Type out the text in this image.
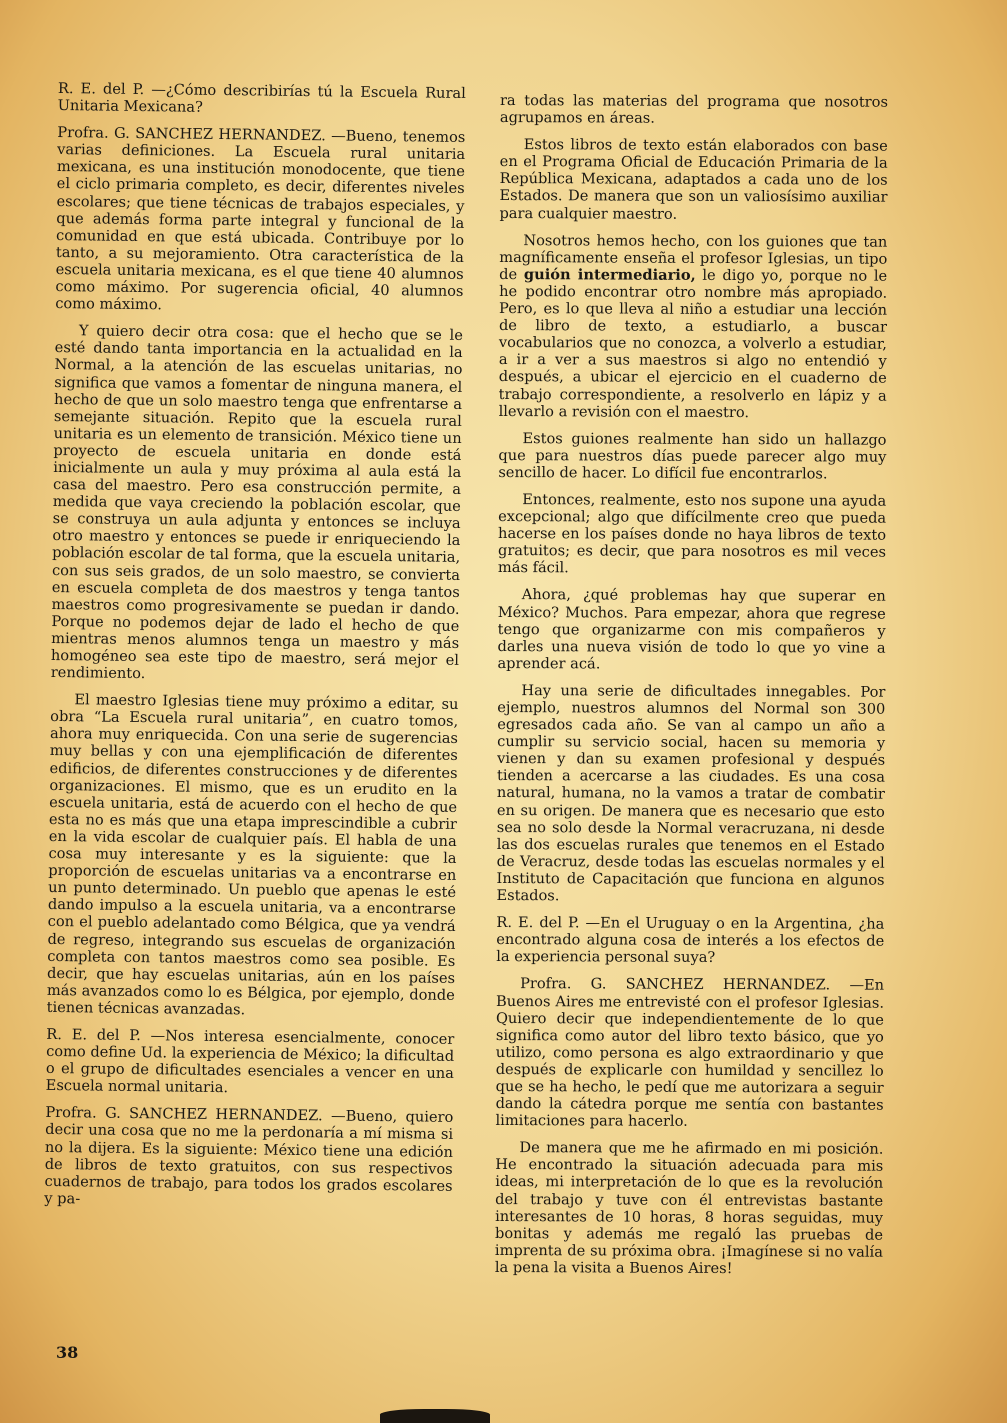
R. E. del P. —¿Cómo describirías tú la Escuela Rural Unitaria Mexicana?

Profra. G. SANCHEZ HERNANDEZ. —Bueno, tenemos varias definiciones. La Escuela rural unitaria mexicana, es una institución monodocente, que tiene el ciclo primaria completo, es decir, diferentes niveles escolares; que tiene técnicas de trabajos especiales, y que además forma parte integral y funcional de la comunidad en que está ubicada. Contribuye por lo tanto, a su mejoramiento. Otra característica de la escuela unitaria mexicana, es el que tiene 40 alumnos como máximo. Por sugerencia oficial, 40 alumnos como máximo.

Y quiero decir otra cosa: que el hecho que se le esté dando tanta importancia en la actualidad en la Normal, a la atención de las escuelas unitarias, no significa que vamos a fomentar de ninguna manera, el hecho de que un solo maestro tenga que enfrentarse a semejante situación. Repito que la escuela rural unitaria es un elemento de transición. México tiene un proyecto de escuela unitaria en donde está inicialmente un aula y muy próxima al aula está la casa del maestro. Pero esa construcción permite, a medida que vaya creciendo la población escolar, que se construya un aula adjunta y entonces se incluya otro maestro y entonces se puede ir enriqueciendo la población escolar de tal forma, que la escuela unitaria, con sus seis grados, de un solo maestro, se convierta en escuela completa de dos maestros y tenga tantos maestros como progresivamente se puedan ir dando. Porque no podemos dejar de lado el hecho de que mientras menos alumnos tenga un maestro y más homogéneo sea este tipo de maestro, será mejor el rendimiento.

El maestro Iglesias tiene muy próximo a editar, su obra “La Escuela rural unitaria”, en cuatro tomos, ahora muy enriquecida. Con una serie de sugerencias muy bellas y con una ejemplificación de diferentes edificios, de diferentes construcciones y de diferentes organizaciones. El mismo, que es un erudito en la escuela unitaria, está de acuerdo con el hecho de que esta no es más que una etapa imprescindible a cubrir en la vida escolar de cualquier país. El habla de una cosa muy interesante y es la siguiente: que la proporción de escuelas unitarias va a encontrarse en un punto determinado. Un pueblo que apenas le esté dando impulso a la escuela unitaria, va a encontrarse con el pueblo adelantado como Bélgica, que ya vendrá de regreso, integrando sus escuelas de organización completa con tantos maestros como sea posible. Es decir, que hay escuelas unitarias, aún en los países más avanzados como lo es Bélgica, por ejemplo, donde tienen técnicas avanzadas.

R. E. del P. —Nos interesa esencialmente, conocer como define Ud. la experiencia de México; la dificultad o el grupo de dificultades esenciales a vencer en una Escuela normal unitaria.

Profra. G. SANCHEZ HERNANDEZ. —Bueno, quiero decir una cosa que no me la perdonaría a mí misma si no la dijera. Es la siguiente: México tiene una edición de libros de texto gratuitos, con sus respectivos cuadernos de trabajo, para todos los grados escolares y pa-

ra todas las materias del programa que nosotros agrupamos en áreas.

Estos libros de texto están elaborados con base en el Programa Oficial de Educación Primaria de la República Mexicana, adaptados a cada uno de los Estados. De manera que son un valiosísimo auxiliar para cualquier maestro.

Nosotros hemos hecho, con los guiones que tan magníficamente enseña el profesor Iglesias, un tipo de guión intermediario, le digo yo, porque no le he podido encontrar otro nombre más apropiado. Pero, es lo que lleva al niño a estudiar una lección de libro de texto, a estudiarlo, a buscar vocabularios que no conozca, a volverlo a estudiar, a ir a ver a sus maestros si algo no entendió y después, a ubicar el ejercicio en el cuaderno de trabajo correspondiente, a resolverlo en lápiz y a llevarlo a revisión con el maestro.

Estos guiones realmente han sido un hallazgo que para nuestros días puede parecer algo muy sencillo de hacer. Lo difícil fue encontrarlos.

Entonces, realmente, esto nos supone una ayuda excepcional; algo que difícilmente creo que pueda hacerse en los países donde no haya libros de texto gratuitos; es decir, que para nosotros es mil veces más fácil.

Ahora, ¿qué problemas hay que superar en México? Muchos. Para empezar, ahora que regrese tengo que organizarme con mis compañeros y darles una nueva visión de todo lo que yo vine a aprender acá.

Hay una serie de dificultades innegables. Por ejemplo, nuestros alumnos del Normal son 300 egresados cada año. Se van al campo un año a cumplir su servicio social, hacen su memoria y vienen y dan su examen profesional y después tienden a acercarse a las ciudades. Es una cosa natural, humana, no la vamos a tratar de combatir en su origen. De manera que es necesario que esto sea no solo desde la Normal veracruzana, ni desde las dos escuelas rurales que tenemos en el Estado de Veracruz, desde todas las escuelas normales y el Instituto de Capacitación que funciona en algunos Estados.

R. E. del P. —En el Uruguay o en la Argentina, ¿ha encontrado alguna cosa de interés a los efectos de la experiencia personal suya?

Profra. G. SANCHEZ HERNANDEZ. —En Buenos Aires me entrevisté con el profesor Iglesias. Quiero decir que independientemente de lo que significa como autor del libro texto básico, que yo utilizo, como persona es algo extraordinario y que después de explicarle con humildad y sencillez lo que se ha hecho, le pedí que me autorizara a seguir dando la cátedra porque me sentía con bastantes limitaciones para hacerlo.

De manera que me he afirmado en mi posición. He encontrado la situación adecuada para mis ideas, mi interpretación de lo que es la revolución del trabajo y tuve con él entrevistas bastante interesantes de 10 horas, 8 horas seguidas, muy bonitas y además me regaló las pruebas de imprenta de su próxima obra. ¡Imagínese si no valía la pena la visita a Buenos Aires!

38
